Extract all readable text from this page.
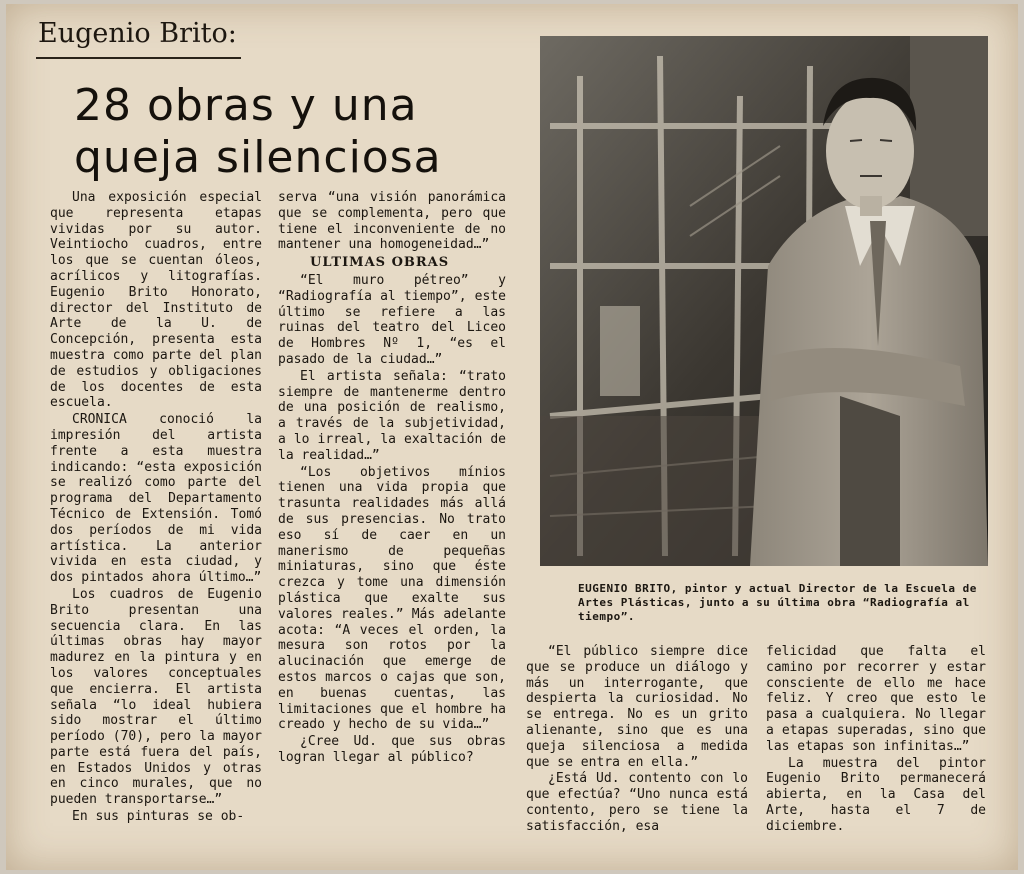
Eugenio Brito:
28 obras y una queja silenciosa

Una exposición especial que representa etapas vividas por su autor. Veintiocho cuadros, entre los que se cuentan óleos, acrílicos y litografías. Eugenio Brito Honorato, director del Instituto de Arte de la U. de Concepción, presenta esta muestra como parte del plan de estudios y obligaciones de los docentes de esta escuela.

CRONICA conoció la impresión del artista frente a esta muestra indicando: “esta exposición se realizó como parte del programa del Departamento Técnico de Extensión. Tomó dos períodos de mi vida artística. La anterior vivida en esta ciudad, y dos pintados ahora último…”

Los cuadros de Eugenio Brito presentan una secuencia clara. En las últimas obras hay mayor madurez en la pintura y en los valores conceptuales que encierra. El artista señala “lo ideal hubiera sido mostrar el último período (70), pero la mayor parte está fuera del país, en Estados Unidos y otras en cinco murales, que no pueden transportarse…”

En sus pinturas se ob-

serva “una visión panorámica que se complementa, pero que tiene el inconveniente de no mantener una homogeneidad…”

ULTIMAS OBRAS

“El muro pétreo” y “Radiografía al tiempo”, este último se refiere a las ruinas del teatro del Liceo de Hombres Nº 1, “es el pasado de la ciudad…”

El artista señala: “trato siempre de mantenerme dentro de una posición de realismo, a través de la subjetividad, a lo irreal, la exaltación de la realidad…”

“Los objetivos mínios tienen una vida propia que trasunta realidades más allá de sus presencias. No trato eso sí de caer en un manerismo de pequeñas miniaturas, sino que éste crezca y tome una dimensión plástica que exalte sus valores reales.” Más adelante acota: “A veces el orden, la mesura son rotos por la alucinación que emerge de estos marcos o cajas que son, en buenas cuentas, las limitaciones que el hombre ha creado y hecho de su vida…”

¿Cree Ud. que sus obras logran llegar al público?

EUGENIO BRITO, pintor y actual Director de la Escuela de Artes Plásticas, junto a su última obra “Radiografía al tiempo”.

“El público siempre dice que se produce un diálogo y más un interrogante, que despierta la curiosidad. No se entrega. No es un grito alienante, sino que es una queja silenciosa a medida que se entra en ella.”

¿Está Ud. contento con lo que efectúa? “Uno nunca está contento, pero se tiene la satisfacción, esa

felicidad que falta el camino por recorrer y estar consciente de ello me hace feliz. Y creo que esto le pasa a cualquiera. No llegar a etapas superadas, sino que las etapas son infinitas…”

La muestra del pintor Eugenio Brito permanecerá abierta, en la Casa del Arte, hasta el 7 de diciembre.
